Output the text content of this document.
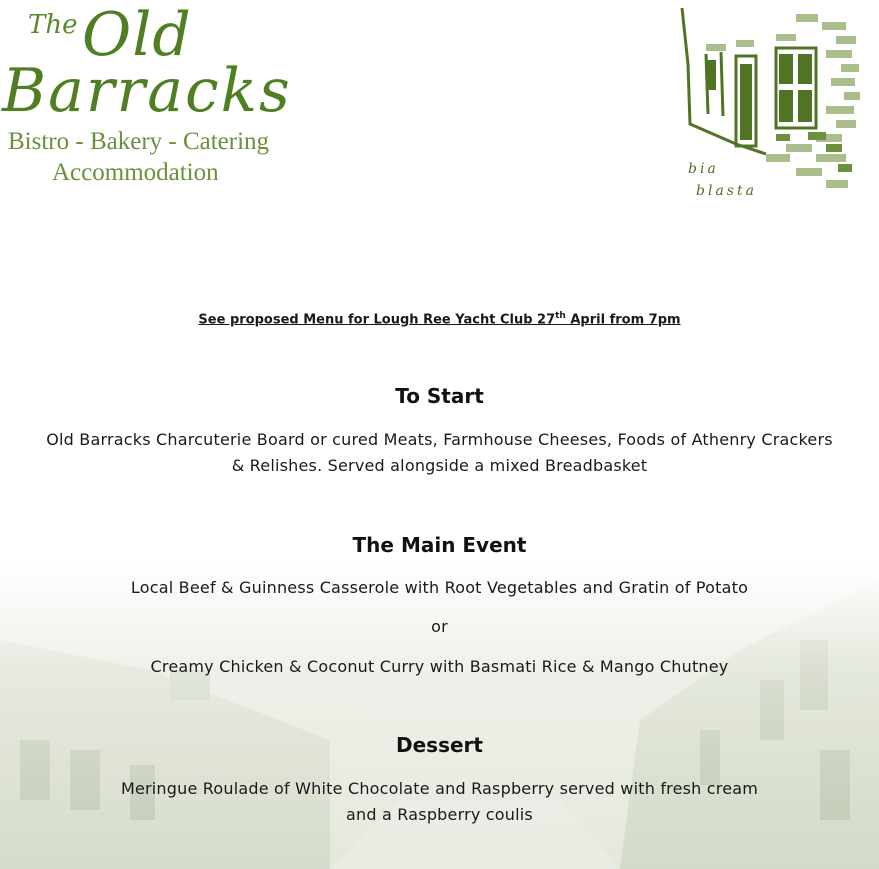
The Old
Barracks
Bistro - Bakery - Catering
Accommodation	bia
blasta
See proposed Menu for Lough Ree Yacht Club 27th April from 7pm
To Start
Old Barracks Charcuterie Board or cured Meats, Farmhouse Cheeses, Foods of Athenry Crackers
& Relishes. Served alongside a mixed Breadbasket
The Main Event
Local Beef & Guinness Casserole with Root Vegetables and Gratin of Potato
or
Creamy Chicken & Coconut Curry with Basmati Rice & Mango Chutney
Dessert
Meringue Roulade of White Chocolate and Raspberry served with fresh cream
and a Raspberry coulis
